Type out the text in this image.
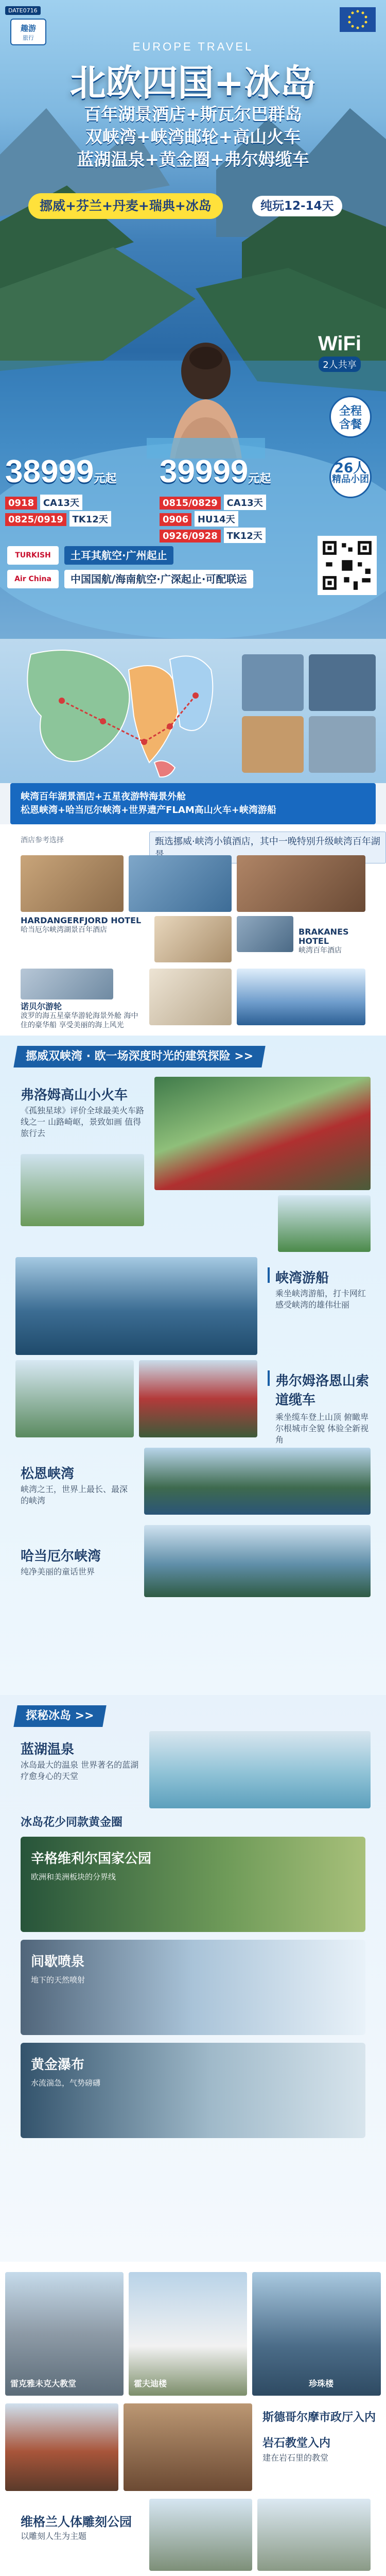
DATE0716
趣游
旅行
EUROPE TRAVEL
北欧四国+冰岛
百年湖景酒店+斯瓦尔巴群岛
双峡湾+峡湾邮轮+高山火车
蓝湖温泉+黄金圈+弗尔姆缆车
挪威+芬兰+丹麦+瑞典+冰岛	纯玩12-14天
WiFi
2人共享
全程
含餐
26人
精品小团
38999元起
0918 CA13天
0825/0919 TK12天
39999元起
0815/0829 CA13天
0906 HU14天
0926/0928 TK12天
TURKISH	土耳其航空·广州起止
Air China	中国国航/海南航空·广深起止·可配联运
峡湾百年湖景酒店+五星夜游特海景外舱
松恩峡湾+哈当厄尔峡湾+世界遗产FLAM高山火车+峡湾游船
酒店参考选择	甄选挪威·峡湾小镇酒店，其中一晚特别升级峡湾百年湖
HARDANGERFJORD HOTEL
哈当厄尔峡湾湖景百年酒店	BRAKANES HOTEL
峡湾百年酒店
诺贝尔游轮
波罗的海五星豪华游轮海景外舱 海中住的豪华船 享受美丽的海上风光
挪威双峡湾 · 欧一场深度时光的建筑探险 >>
弗洛姆高山小火车
《孤独星球》评价全球最美火车路线之一 山路崎岖，景致如画 值得旅行去
峡湾游船
乘坐峡湾游船，打卡网红 感受峡湾的雄伟壮丽
弗尔姆洛恩山索道缆车
乘坐缆车登上山顶 俯瞰卑尔根城市全貌 体验全新视角
松恩峡湾
峡湾之王，世界上最长、最深的峡湾
哈当厄尔峡湾
纯净美丽的童话世界
探秘冰岛 >>
蓝湖温泉
冰岛最大的温泉 世界著名的蓝湖 疗愈身心的天堂
冰岛花少同款黄金圈
辛格维利尔国家公园
欧洲和美洲板块的分界线
间歇喷泉
地下的天然喷射
黄金瀑布
水流湍急，气势磅礴
雷克雅未克大教堂	霍夫迪楼	珍珠楼
斯德哥尔摩市政厅入内
岩石教堂入内
建在岩石里的教堂
维格兰人体雕刻公园
以雕刻人生为主题
